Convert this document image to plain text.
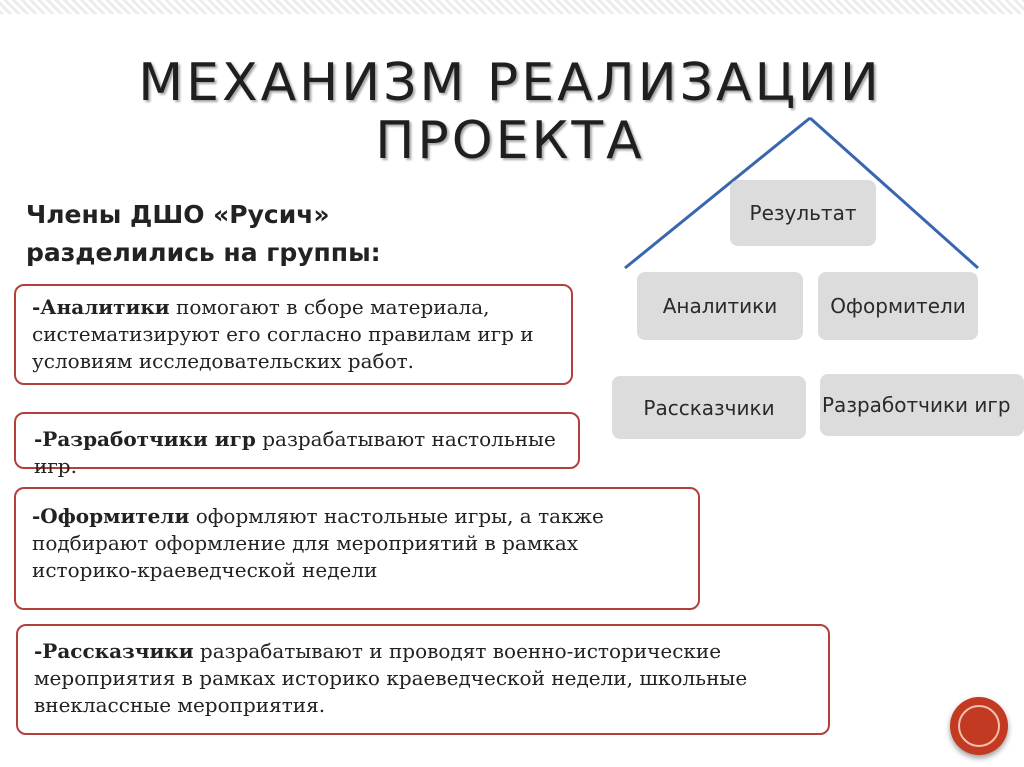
МЕХАНИЗМ РЕАЛИЗАЦИИ ПРОЕКТА
Члены ДШО «Русич»
разделились на группы:
-Аналитики помогают в сборе материала, систематизируют его согласно правилам игр и условиям исследовательских работ.
-Разработчики игр разрабатывают настольные игр.
-Оформители оформляют настольные игры, а также подбирают оформление для мероприятий в рамках историко-краеведческой недели
-Рассказчики разрабатывают и проводят военно-исторические мероприятия в рамках историко краеведческой недели, школьные внеклассные мероприятия.
Результат
Аналитики	Оформители
Рассказчики	Разработчики игр
